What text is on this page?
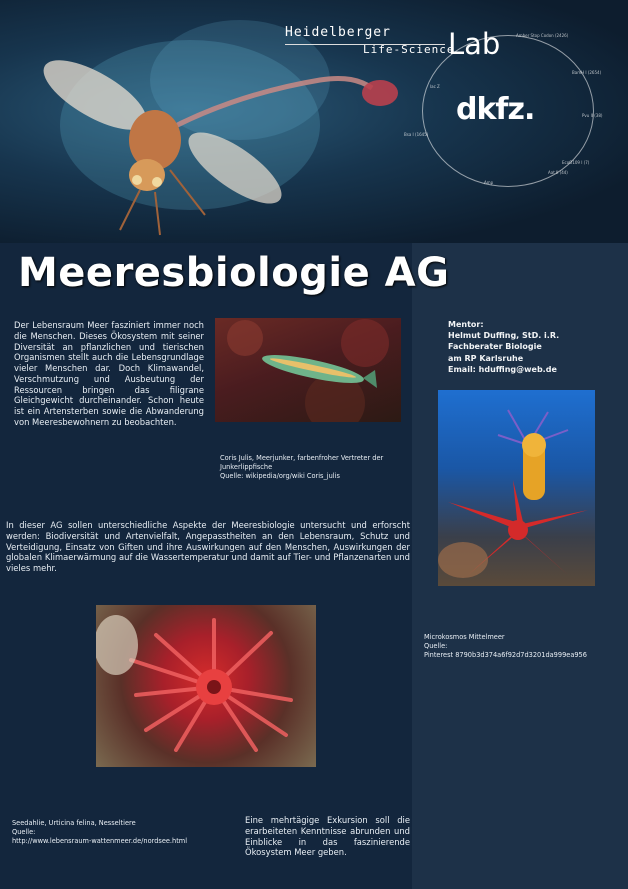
Heidelberger
Life-Science
Lab	Amber Stop Codon (2426)
BamH I (2654)
Pvu II (38)
EcoO109 I (7)
Aat II (44)
Bsa I (1645)
Amp
lac Z
dkfz.
Meeresbiologie AG
Der Lebensraum Meer fasziniert immer noch die Menschen. Dieses Ökosystem mit seiner Diversität an pflanzlichen und tierischen Organismen stellt auch die Lebensgrundlage vieler Menschen dar. Doch Klimawandel, Verschmutzung und Ausbeutung der Ressourcen bringen das filigrane Gleichgewicht durcheinander. Schon heute ist ein Artensterben sowie die Abwanderung von Meeresbewohnern zu beobachten.
Coris Julis, Meerjunker, farbenfroher Vertreter der Junkerlippfische
Quelle: wikipedia/org/wiki Coris_julis
In dieser AG sollen unterschiedliche Aspekte der Meeresbiologie untersucht und erforscht werden: Biodiversität und Artenvielfalt, Angepasstheiten an den Lebensraum, Schutz und Verteidigung, Einsatz von Giften und ihre Auswirkungen auf den Menschen, Auswirkungen der globalen Klimaerwärmung auf die Wassertemperatur und damit auf Tier- und Pflanzenarten und vieles mehr.
Seedahlie, Urticina felina, Nesseltiere
Quelle:
http://www.lebensraum-wattenmeer.de/nordsee.html
Eine mehrtägige Exkursion soll die erarbeiteten Kenntnisse abrunden und Einblicke in das faszinierende Ökosystem Meer geben.
Mentor:
Helmut Duffing, StD. i.R.
Fachberater Biologie
am RP Karlsruhe
Email: hduffing@web.de
Microkosmos Mittelmeer
Quelle:
Pinterest 8790b3d374a6f92d7d3201da999ea956
